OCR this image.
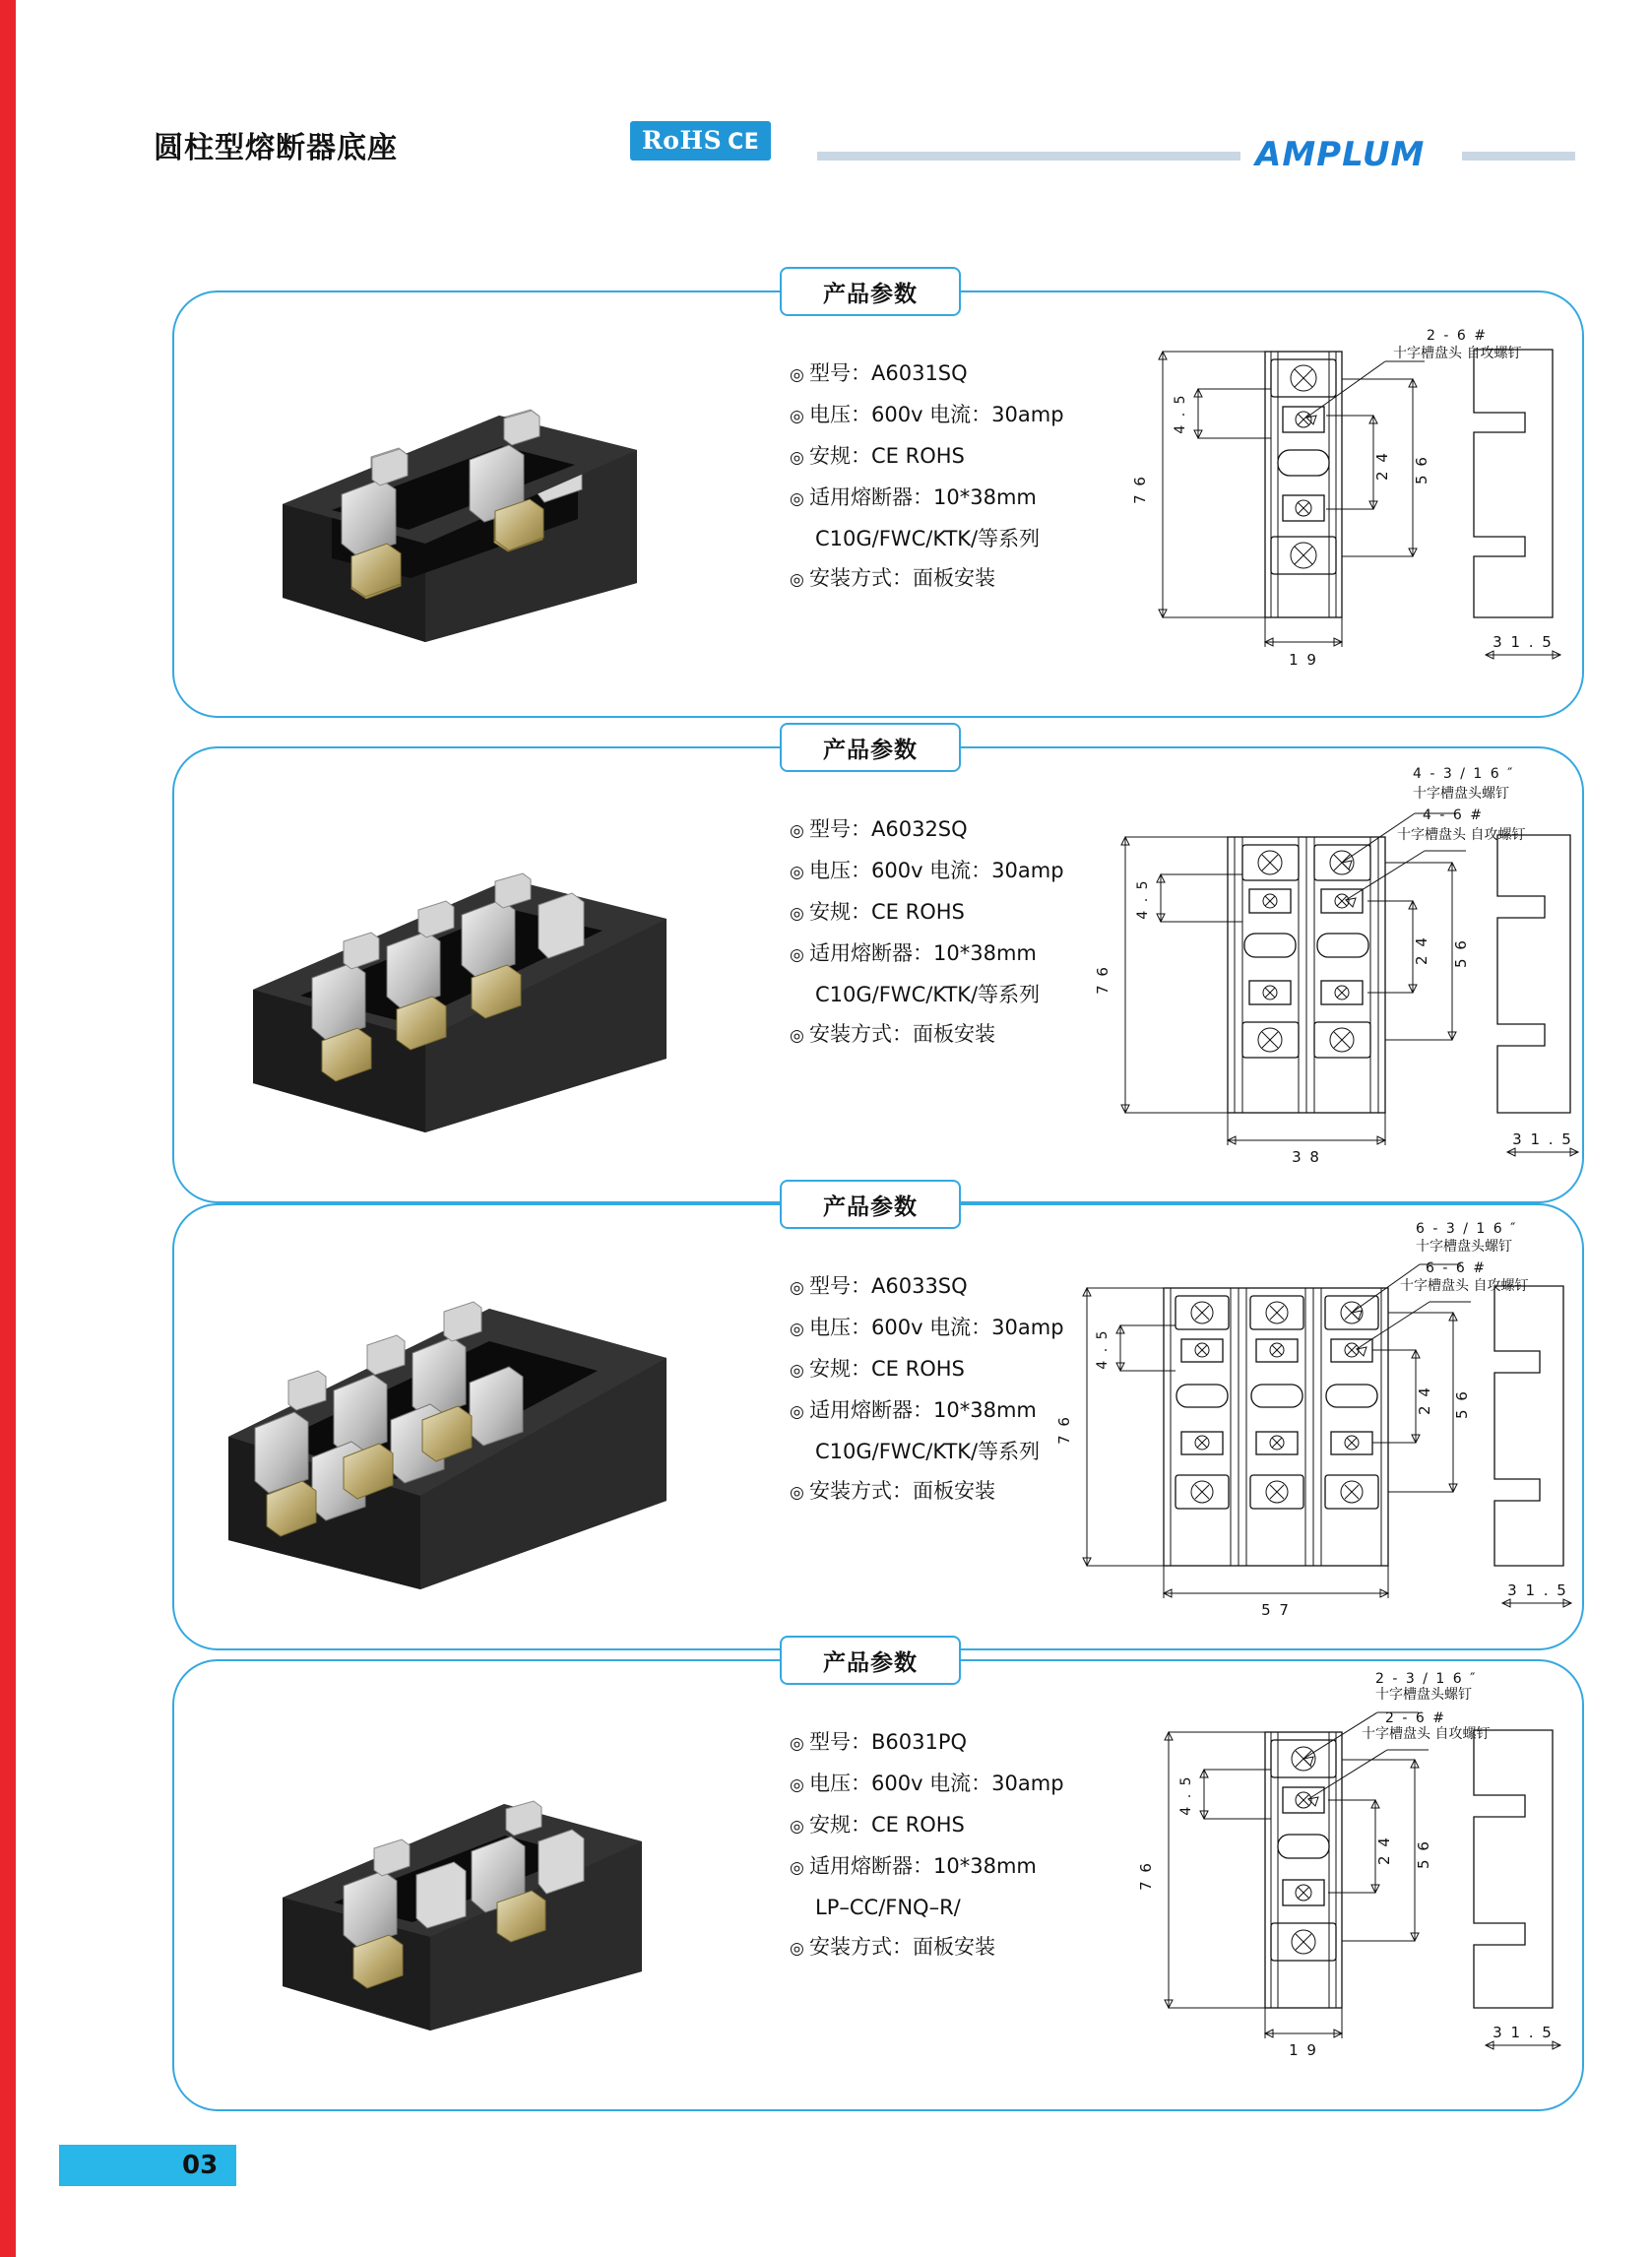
圆柱型熔断器底座	RoHS CE	AMPLUM
产品参数
◎ 型号：A6031SQ
◎ 电压：600v 电流：30amp
◎ 安规：CE ROHS
◎ 适用熔断器：10*38mm
C10G/FWC/KTK/等系列
◎ 安装方式：面板安装
7 6
4 . 5
2 4 5 6
1 9
2 - 6 #
十字槽盘头 自攻螺钉
3 1 . 5
产品参数
◎ 型号：A6032SQ
◎ 电压：600v 电流：30amp
◎ 安规：CE ROHS
◎ 适用熔断器：10*38mm
C10G/FWC/KTK/等系列
◎ 安装方式：面板安装
7 6
4 . 5
2 4 5 6
3 8
4 - 3 / 1 6 ″
十字槽盘头螺钉
4 - 6 #
十字槽盘头 自攻螺钉
3 1 . 5
产品参数
◎ 型号：A6033SQ
◎ 电压：600v 电流：30amp
◎ 安规：CE ROHS
◎ 适用熔断器：10*38mm
C10G/FWC/KTK/等系列
◎ 安装方式：面板安装
7 6
4 . 5
2 4 5 6
5 7
6 - 3 / 1 6 ″
十字槽盘头螺钉
6 - 6 #
十字槽盘头 自攻螺钉
3 1 . 5
产品参数
◎ 型号：B6031PQ
◎ 电压：600v 电流：30amp
◎ 安规：CE ROHS
◎ 适用熔断器：10*38mm
LP–CC/FNQ–R/
◎ 安装方式：面板安装
7 6
4 . 5
2 4 5 6
1 9
2 - 3 / 1 6 ″
十字槽盘头螺钉
2 - 6 #
十字槽盘头 自攻螺钉
3 1 . 5
03
